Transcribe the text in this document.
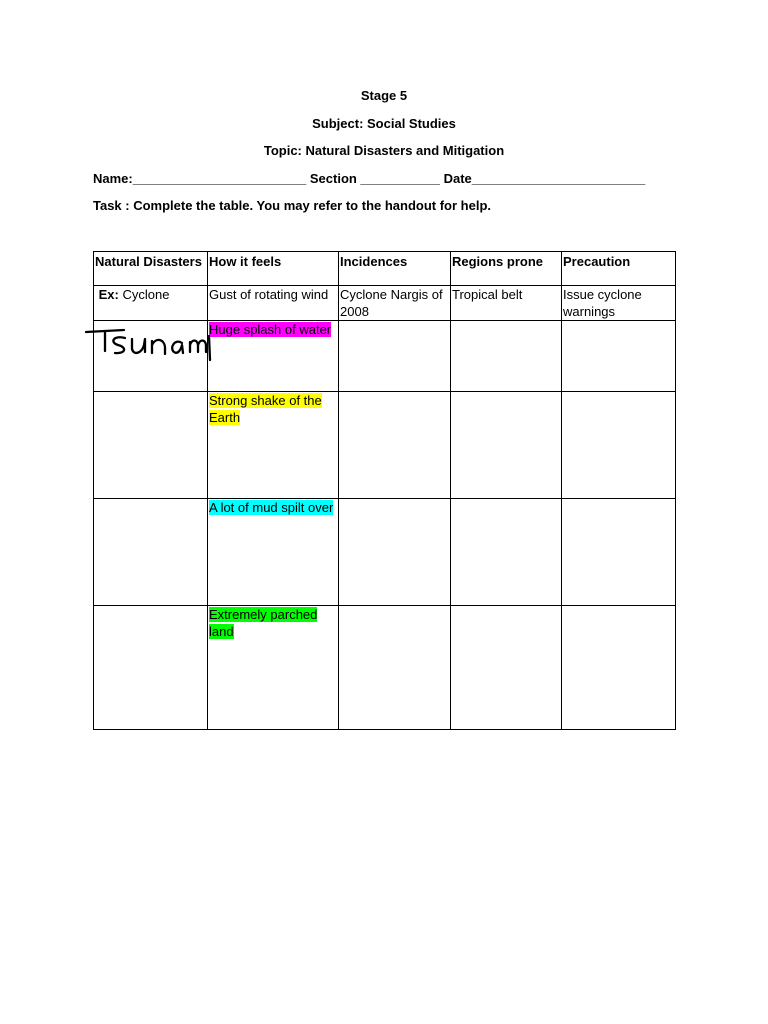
Stage 5
Subject: Social Studies
Topic: Natural Disasters and Mitigation
Name:________________________ Section ___________ Date________________________
Task : Complete the table. You may refer to the handout for help.
Natural Disasters	How it feels	Incidences	Regions prone	Precaution
Ex: Cyclone	Gust of rotating wind	Cyclone Nargis of 2008	Tropical belt	Issue cyclone warnings
	Huge splash of water			
	Strong shake of the Earth			
	A lot of mud spilt over			
	Extremely parched land			
